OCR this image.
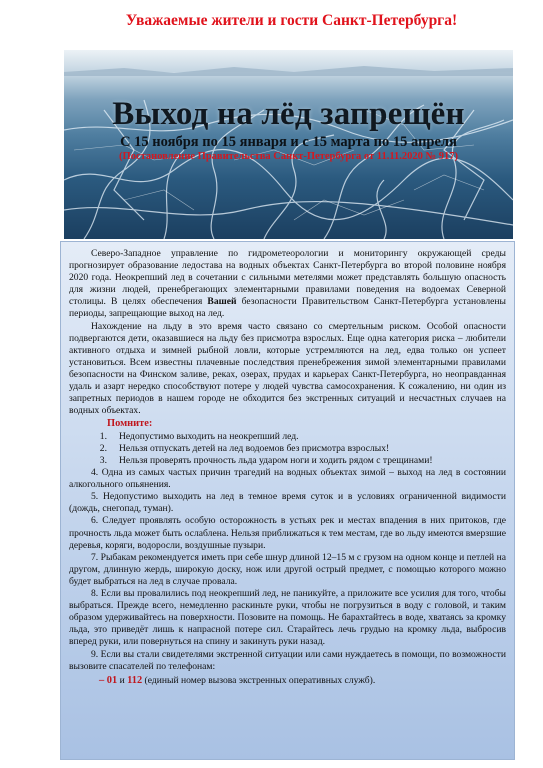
Уважаемые жители и гости Санкт-Петербурга!
Выход на лёд запрещён
С 15 ноября по 15 января и с 15 марта по 15 апреля
(Постановление Правительства Санкт-Петербурга от 11.11.2020 № 917)

Северо-Западное управление по гидрометеорологии и мониторингу окружающей среды прогнозирует образование ледостава на водных объектах Санкт-Петербурга во второй половине ноября 2020 года. Неокрепший лед в сочетании с сильными метелями может представлять большую опасность для жизни людей, пренебрегающих элементарными правилами поведения на водоемах Северной столицы. В целях обеспечения Вашей безопасности Правительством Санкт-Петербурга установлены периоды, запрещающие выход на лед.

Нахождение на льду в это время часто связано со смертельным риском. Особой опасности подвергаются дети, оказавшиеся на льду без присмотра взрослых. Еще одна категория риска – любители активного отдыха и зимней рыбной ловли, которые устремляются на лед, едва только он успеет установиться. Всем известны плачевные последствия пренебрежения зимой элементарными правилами безопасности на Финском заливе, реках, озерах, прудах и карьерах Санкт-Петербурга, но неоправданная удаль и азарт нередко способствуют потере у людей чувства самосохранения. К сожалению, ни один из запретных периодов в нашем городе не обходится без экстренных ситуаций и несчастных случаев на водных объектах.

Помните:
1.	Недопустимо выходить на неокрепший лед.
2.	Нельзя отпускать детей на лед водоемов без присмотра взрослых!
3.	Нельзя проверять прочность льда ударом ноги и ходить рядом с трещинами!

4. Одна из самых частых причин трагедий на водных объектах зимой – выход на лед в состоянии алкогольного опьянения.

5. Недопустимо выходить на лед в темное время суток и в условиях ограниченной видимости (дождь, снегопад, туман).

6. Следует проявлять особую осторожность в устьях рек и местах впадения в них притоков, где прочность льда может быть ослаблена. Нельзя приближаться к тем местам, где во льду имеются вмерзшие деревья, коряги, водоросли, воздушные пузыри.

7. Рыбакам рекомендуется иметь при себе шнур длиной 12–15 м с грузом на одном конце и петлей на другом, длинную жердь, широкую доску, нож или другой острый предмет, с помощью которого можно будет выбраться на лед в случае провала.

8. Если вы провалились под неокрепший лед, не паникуйте, а приложите все усилия для того, чтобы выбраться. Прежде всего, немедленно раскиньте руки, чтобы не погрузиться в воду с головой, и таким образом удерживайтесь на поверхности. Позовите на помощь. Не барахтайтесь в воде, хватаясь за кромку льда, это приведёт лишь к напрасной потере сил. Старайтесь лечь грудью на кромку льда, выбросив вперед руки, или повернуться на спину и закинуть руки назад.

9. Если вы стали свидетелями экстренной ситуации или сами нуждаетесь в помощи, по возможности вызовите спасателей по телефонам:

– 01 и 112 (единый номер вызова экстренных оперативных служб).
